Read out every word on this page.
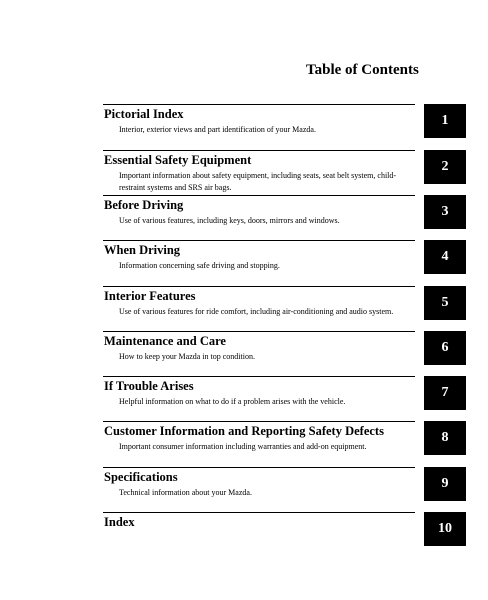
Table of Contents
Pictorial Index
Interior, exterior views and part identification of your Mazda.
1
Essential Safety Equipment
Important information about safety equipment, including seats, seat belt system, child-restraint systems and SRS air bags.
2
Before Driving
Use of various features, including keys, doors, mirrors and windows.
3
When Driving
Information concerning safe driving and stopping.
4
Interior Features
Use of various features for ride comfort, including air-conditioning and audio system.
5
Maintenance and Care
How to keep your Mazda in top condition.
6
If Trouble Arises
Helpful information on what to do if a problem arises with the vehicle.
7
Customer Information and Reporting Safety Defects
Important consumer information including warranties and add-on equipment.
8
Specifications
Technical information about your Mazda.
9
Index	10
